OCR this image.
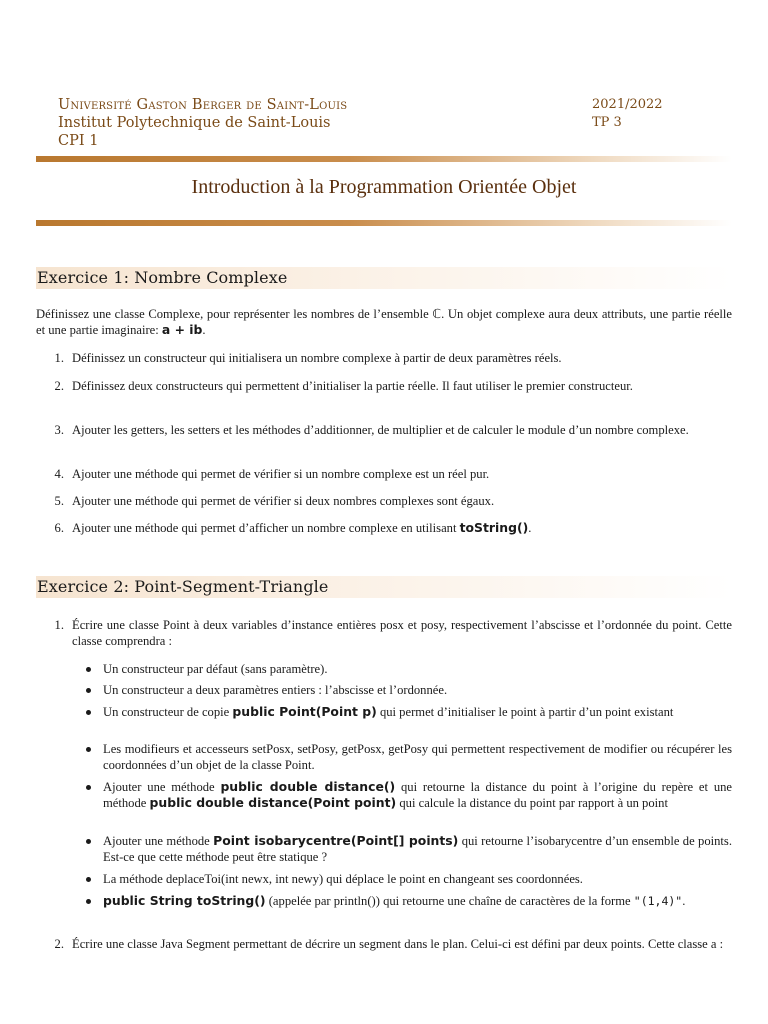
Université Gaston Berger de Saint-Louis	2021/2022
Institut Polytechnique de Saint-Louis	TP 3
CPI 1
Introduction à la Programmation Orientée Objet
Exercice 1: Nombre Complexe
Définissez une classe Complexe, pour représenter les nombres de l’ensemble ℂ. Un objet complexe aura deux attributs, une partie réelle et une partie imaginaire: a + ib.
1. Définissez un constructeur qui initialisera un nombre complexe à partir de deux paramètres réels.
2. Définissez deux constructeurs qui permettent d’initialiser la partie réelle. Il faut utiliser le premier constructeur.
3. Ajouter les getters, les setters et les méthodes d’additionner, de multiplier et de calculer le module d’un nombre complexe.
4. Ajouter une méthode qui permet de vérifier si un nombre complexe est un réel pur.
5. Ajouter une méthode qui permet de vérifier si deux nombres complexes sont égaux.
6. Ajouter une méthode qui permet d’afficher un nombre complexe en utilisant toString().
Exercice 2: Point-Segment-Triangle
1. Écrire une classe Point à deux variables d’instance entières posx et posy, respectivement l’abscisse et l’ordonnée du point. Cette classe comprendra :
Un constructeur par défaut (sans paramètre).
Un constructeur a deux paramètres entiers : l’abscisse et l’ordonnée.
Un constructeur de copie public Point(Point p) qui permet d’initialiser le point à partir d’un point existant
Les modifieurs et accesseurs setPosx, setPosy, getPosx, getPosy qui permettent respectivement de modifier ou récupérer les coordonnées d’un objet de la classe Point.
Ajouter une méthode public double distance() qui retourne la distance du point à l’origine du repère et une méthode public double distance(Point point) qui calcule la distance du point par rapport à un point
Ajouter une méthode Point isobarycentre(Point[] points) qui retourne l’isobarycentre d’un ensemble de points. Est-ce que cette méthode peut être statique ?
La méthode deplaceToi(int newx, int newy) qui déplace le point en changeant ses coordonnées.
public String toString() (appelée par println()) qui retourne une chaîne de caractères de la forme "(1,4)".
2. Écrire une classe Java Segment permettant de décrire un segment dans le plan. Celui-ci est défini par deux points. Cette classe a :
